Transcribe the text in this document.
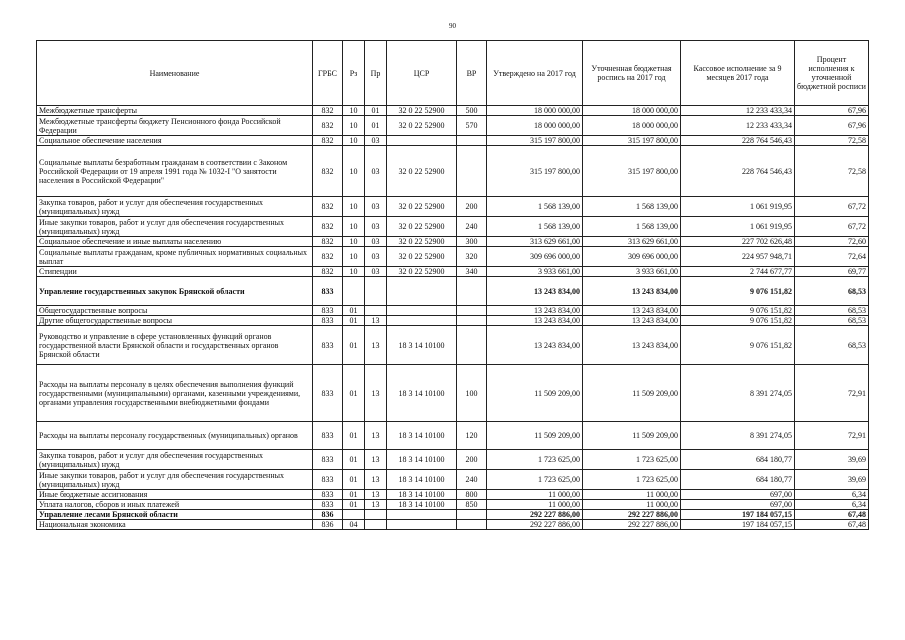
90
Наименование	ГРБС	Рз	Пр	ЦСР	ВР	Утверждено на 2017 год	Уточненная бюджетная роспись на 2017 год	Кассовое исполнение за 9 месяцев 2017 года	Процент исполнения к уточненной бюджетной росписи
Межбюджетные трансферты	832	10	01	32 0 22 52900	500	18 000 000,00	18 000 000,00	12 233 433,34	67,96
Межбюджетные трансферты бюджету Пенсионного фонда Российской Федерации	832	10	01	32 0 22 52900	570	18 000 000,00	18 000 000,00	12 233 433,34	67,96
Социальное обеспечение населения	832	10	03			315 197 800,00	315 197 800,00	228 764 546,43	72,58
Социальные выплаты безработным гражданам в соответствии с Законом Российской Федерации от 19 апреля 1991 года № 1032-I "О занятости населения в Российской Федерации"	832	10	03	32 0 22 52900		315 197 800,00	315 197 800,00	228 764 546,43	72,58
Закупка товаров, работ и услуг для обеспечения государственных (муниципальных) нужд	832	10	03	32 0 22 52900	200	1 568 139,00	1 568 139,00	1 061 919,95	67,72
Иные закупки товаров, работ и услуг для обеспечения государственных (муниципальных) нужд	832	10	03	32 0 22 52900	240	1 568 139,00	1 568 139,00	1 061 919,95	67,72
Социальное обеспечение и иные выплаты населению	832	10	03	32 0 22 52900	300	313 629 661,00	313 629 661,00	227 702 626,48	72,60
Социальные выплаты гражданам, кроме публичных нормативных социальных выплат	832	10	03	32 0 22 52900	320	309 696 000,00	309 696 000,00	224 957 948,71	72,64
Стипендии	832	10	03	32 0 22 52900	340	3 933 661,00	3 933 661,00	2 744 677,77	69,77
Управление государственных закупок Брянской области	833					13 243 834,00	13 243 834,00	9 076 151,82	68,53
Общегосударственные вопросы	833	01				13 243 834,00	13 243 834,00	9 076 151,82	68,53
Другие общегосударственные вопросы	833	01	13			13 243 834,00	13 243 834,00	9 076 151,82	68,53
Руководство и управление в сфере установленных функций органов государственной власти Брянской области и государственных органов Брянской области	833	01	13	18 3 14 10100		13 243 834,00	13 243 834,00	9 076 151,82	68,53
Расходы на выплаты персоналу в целях обеспечения выполнения функций государственными (муниципальными) органами, казенными учреждениями, органами управления государственными внебюджетными фондами	833	01	13	18 3 14 10100	100	11 509 209,00	11 509 209,00	8 391 274,05	72,91
Расходы на выплаты персоналу государственных (муниципальных) органов	833	01	13	18 3 14 10100	120	11 509 209,00	11 509 209,00	8 391 274,05	72,91
Закупка товаров, работ и услуг для обеспечения государственных (муниципальных) нужд	833	01	13	18 3 14 10100	200	1 723 625,00	1 723 625,00	684 180,77	39,69
Иные закупки товаров, работ и услуг для обеспечения государственных (муниципальных) нужд	833	01	13	18 3 14 10100	240	1 723 625,00	1 723 625,00	684 180,77	39,69
Иные бюджетные ассигнования	833	01	13	18 3 14 10100	800	11 000,00	11 000,00	697,00	6,34
Уплата налогов, сборов и иных платежей	833	01	13	18 3 14 10100	850	11 000,00	11 000,00	697,00	6,34
Управление лесами Брянской области	836					292 227 886,00	292 227 886,00	197 184 057,15	67,48
Национальная экономика	836	04				292 227 886,00	292 227 886,00	197 184 057,15	67,48
